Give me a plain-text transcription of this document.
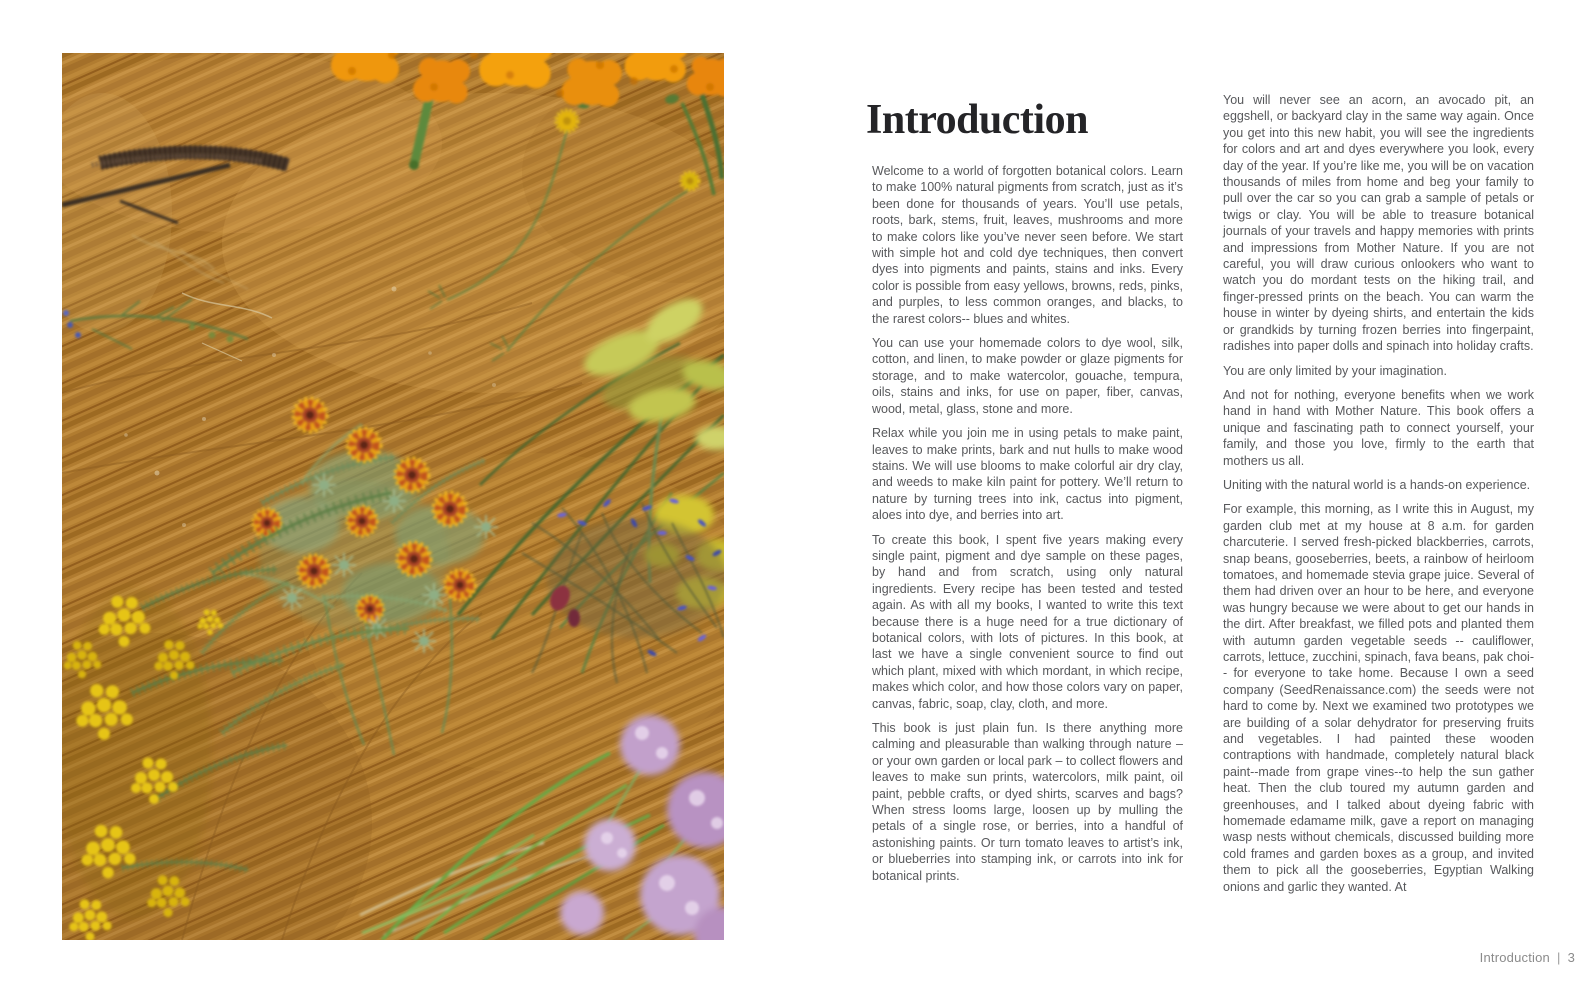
Introduction

Welcome to a world of forgotten botanical colors. Learn to make 100% natural pigments from scratch, just as it’s been done for thousands of years. You’ll use petals, roots, bark, stems, fruit, leaves, mushrooms and more to make colors like you’ve never seen before. We start with simple hot and cold dye techniques, then convert dyes into pigments and paints, stains and inks. Every color is possible from easy yellows, browns, reds, pinks, and purples, to less common oranges, and blacks, to the rarest colors-- blues and whites.

You can use your homemade colors to dye wool, silk, cotton, and linen, to make powder or glaze pigments for storage, and to make watercolor, gouache, tempura, oils, stains and inks, for use on paper, fiber, canvas, wood, metal, glass, stone and more.

Relax while you join me in using petals to make paint, leaves to make prints, bark and nut hulls to make wood stains. We will use blooms to make colorful air dry clay, and weeds to make kiln paint for pottery. We’ll return to nature by turning trees into ink, cactus into pigment, aloes into dye, and berries into art.

To create this book, I spent five years making every single paint, pigment and dye sample on these pages, by hand and from scratch, using only natural ingredients. Every recipe has been tested and tested again. As with all my books, I wanted to write this text because there is a huge need for a true dictionary of botanical colors, with lots of pictures. In this book, at last we have a single convenient source to find out which plant, mixed with which mordant, in which recipe, makes which color, and how those colors vary on paper, canvas, fabric, soap, clay, cloth, and more.

This book is just plain fun. Is there anything more calming and pleasurable than walking through nature – or your own garden or local park – to collect flowers and leaves to make sun prints, watercolors, milk paint, oil paint, pebble crafts, or dyed shirts, scarves and bags? When stress looms large, loosen up by mulling the petals of a single rose, or berries, into a handful of astonishing paints. Or turn tomato leaves to artist’s ink, or blueberries into stamping ink, or carrots into ink for botanical prints.

You will never see an acorn, an avocado pit, an eggshell, or backyard clay in the same way again. Once you get into this new habit, you will see the ingredients for colors and art and dyes everywhere you look, every day of the year. If you’re like me, you will be on vacation thousands of miles from home and beg your family to pull over the car so you can grab a sample of petals or twigs or clay. You will be able to treasure botanical journals of your travels and happy memories with prints and impressions from Mother Nature. If you are not careful, you will draw curious onlookers who want to watch you do mordant tests on the hiking trail, and finger-pressed prints on the beach. You can warm the house in winter by dyeing shirts, and entertain the kids or grandkids by turning frozen berries into fingerpaint, radishes into paper dolls and spinach into holiday crafts.

You are only limited by your imagination.

And not for nothing, everyone benefits when we work hand in hand with Mother Nature. This book offers a unique and fascinating path to connect yourself, your family, and those you love, firmly to the earth that mothers us all.

Uniting with the natural world is a hands-on experience.

For example, this morning, as I write this in August, my garden club met at my house at 8 a.m. for garden charcuterie. I served fresh-picked blackberries, carrots, snap beans, gooseberries, beets, a rainbow of heirloom tomatoes, and homemade stevia grape juice. Several of them had driven over an hour to be here, and everyone was hungry because we were about to get our hands in the dirt. After breakfast, we filled pots and planted them with autumn garden vegetable seeds -- cauliflower, carrots, lettuce, zucchini, spinach, fava beans, pak choi-- for everyone to take home. Because I own a seed company (SeedRenaissance.com) the seeds were not hard to come by. Next we examined two prototypes we are building of a solar dehydrator for preserving fruits and vegetables. I had painted these wooden contraptions with handmade, completely natural black paint--made from grape vines--to help the sun gather heat. Then the club toured my autumn garden and greenhouses, and I talked about dyeing fabric with homemade edamame milk, gave a report on managing wasp nests without chemicals, discussed building more cold frames and garden boxes as a group, and invited them to pick all the gooseberries, Egyptian Walking onions and garlic they wanted. At

Introduction | 3
